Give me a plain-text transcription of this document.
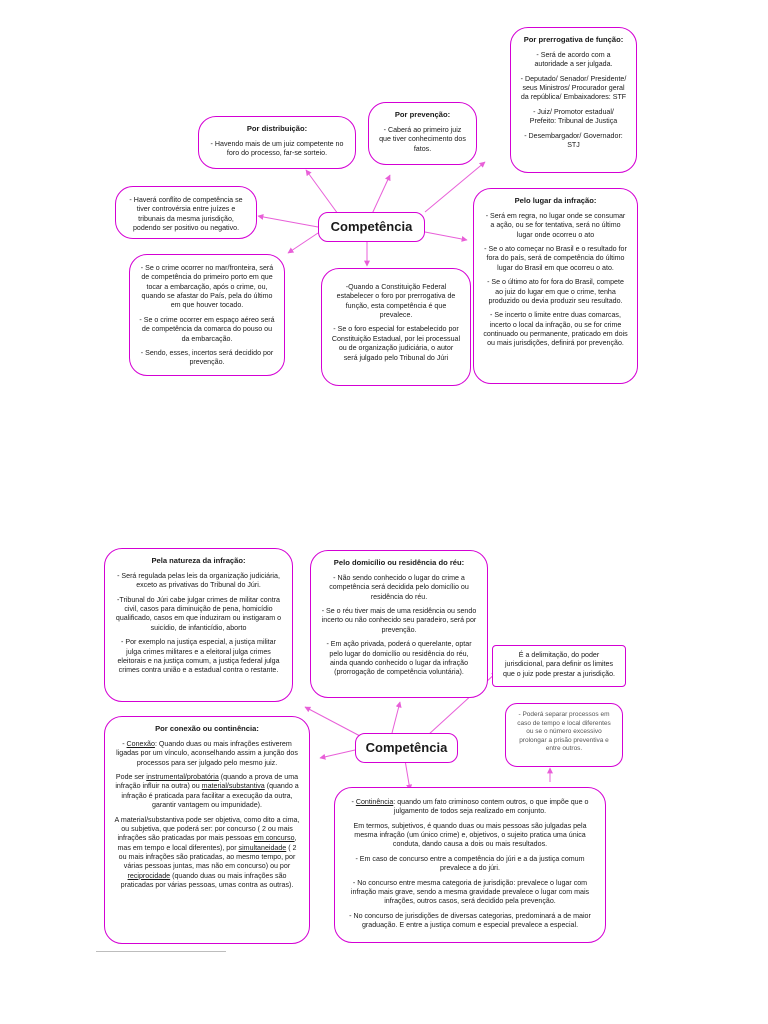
Competência
Por prerrogativa de função:

- Será de acordo com a autoridade a ser julgada.

- Deputado/ Senador/ Presidente/ seus Ministros/ Procurador geral da república/ Embaixadores: STF

- Juiz/ Promotor estadual/ Prefeito: Tribunal de Justiça

- Desembargador/ Governador: STJ

Por prevenção:

- Caberá ao primeiro juiz que tiver conhecimento dos fatos.

Por distribuição:

- Havendo mais de um juiz competente no foro do processo, far-se sorteio.

- Haverá conflito de competência se tiver controvérsia entre juízes e tribunais da mesma jurisdição, podendo ser positivo ou negativo.

Pelo lugar da infração:

- Será em regra, no lugar onde se consumar a ação, ou se for tentativa, será no último lugar onde ocorreu o ato

- Se o ato começar no Brasil e o resultado for fora do país, será de competência do último lugar do Brasil em que ocorreu o ato.

- Se o último ato for fora do Brasil, compete ao juiz do lugar em que o crime, tenha produzido ou devia produzir seu resultado.

- Se incerto o limite entre duas comarcas, incerto o local da infração, ou se for crime continuado ou permanente, praticado em dois ou mais jurisdições, definirá por prevenção.

- Se o crime ocorrer no mar/fronteira, será de competência do primeiro porto em que tocar a embarcação, após o crime, ou, quando se afastar do País, pela do último em que houver tocado.

- Se o crime ocorrer em espaço aéreo será de competência da comarca do pouso ou da embarcação.

- Sendo, esses, incertos será decidido por prevenção.

-Quando a Constituição Federal estabelecer o foro por prerrogativa de função, esta competência é que prevalece.

- Se o foro especial for estabelecido por Constituição Estadual, por lei processual ou de organização judiciária, o autor será julgado pelo Tribunal do Júri

Competência
Pela natureza da infração:

- Será regulada pelas leis da organização judiciária, exceto as privativas do Tribunal do Júri.

-Tribunal do Júri cabe julgar crimes de militar contra civil, casos para diminuição de pena, homicídio qualificado, casos em que induziram ou instigaram o suicídio, de infanticídio, aborto

- Por exemplo na justiça especial, a justiça militar julga crimes militares e a eleitoral julga crimes eleitorais e na justiça comum, a justiça federal julga crimes contra união e a estadual contra o restante.

Pelo domicílio ou residência do réu:

- Não sendo conhecido o lugar do crime a competência será decidida pelo domicílio ou residência do réu.

- Se o réu tiver mais de uma residência ou sendo incerto ou não conhecido seu paradeiro, será por prevenção.

- Em ação privada, poderá o querelante, optar pelo lugar do domicílio ou residência do réu, ainda quando conhecido o lugar da infração (prorrogação de competência voluntária).

É a delimitação, do poder jurisdicional, para definir os limites que o juiz pode prestar a jurisdição.

- Poderá separar processos em caso de tempo e local diferentes ou se o número excessivo prolongar a prisão preventiva e entre outros.

Por conexão ou continência:

- Conexão: Quando duas ou mais infrações estiverem ligadas por um vínculo, aconselhando assim a junção dos processos para ser julgado pelo mesmo juiz.

Pode ser instrumental/probatória (quando a prova de uma infração influir na outra) ou material/substantiva (quando a infração é praticada para facilitar a execução da outra, garantir vantagem ou impunidade).

A material/substantiva pode ser objetiva, como dito a cima, ou subjetiva, que poderá ser: por concurso ( 2 ou mais infrações são praticadas por mais pessoas em concurso, mas em tempo e local diferentes), por simultaneidade ( 2 ou mais infrações são praticadas, ao mesmo tempo, por várias pessoas juntas, mas não em concurso) ou por reciprocidade (quando duas ou mais infrações são praticadas por várias pessoas, umas contra as outras).

- Continência: quando um fato criminoso contem outros, o que impõe que o julgamento de todos seja realizado em conjunto.

Em termos, subjetivos, é quando duas ou mais pessoas são julgadas pela mesma infração (um único crime) e, objetivos, o sujeito pratica uma única conduta, dando causa a dois ou mais resultados.

- Em caso de concurso entre a competência do júri e a da justiça comum prevalece a do júri.

- No concurso entre mesma categoria de jurisdição: prevalece o lugar com infração mais grave, sendo a mesma gravidade prevalece o lugar com mais infrações, outros casos, será decidido pela prevenção.

- No concurso de jurisdições de diversas categorias, predominará a de maior graduação. E entre a justiça comum e especial prevalece a especial.
